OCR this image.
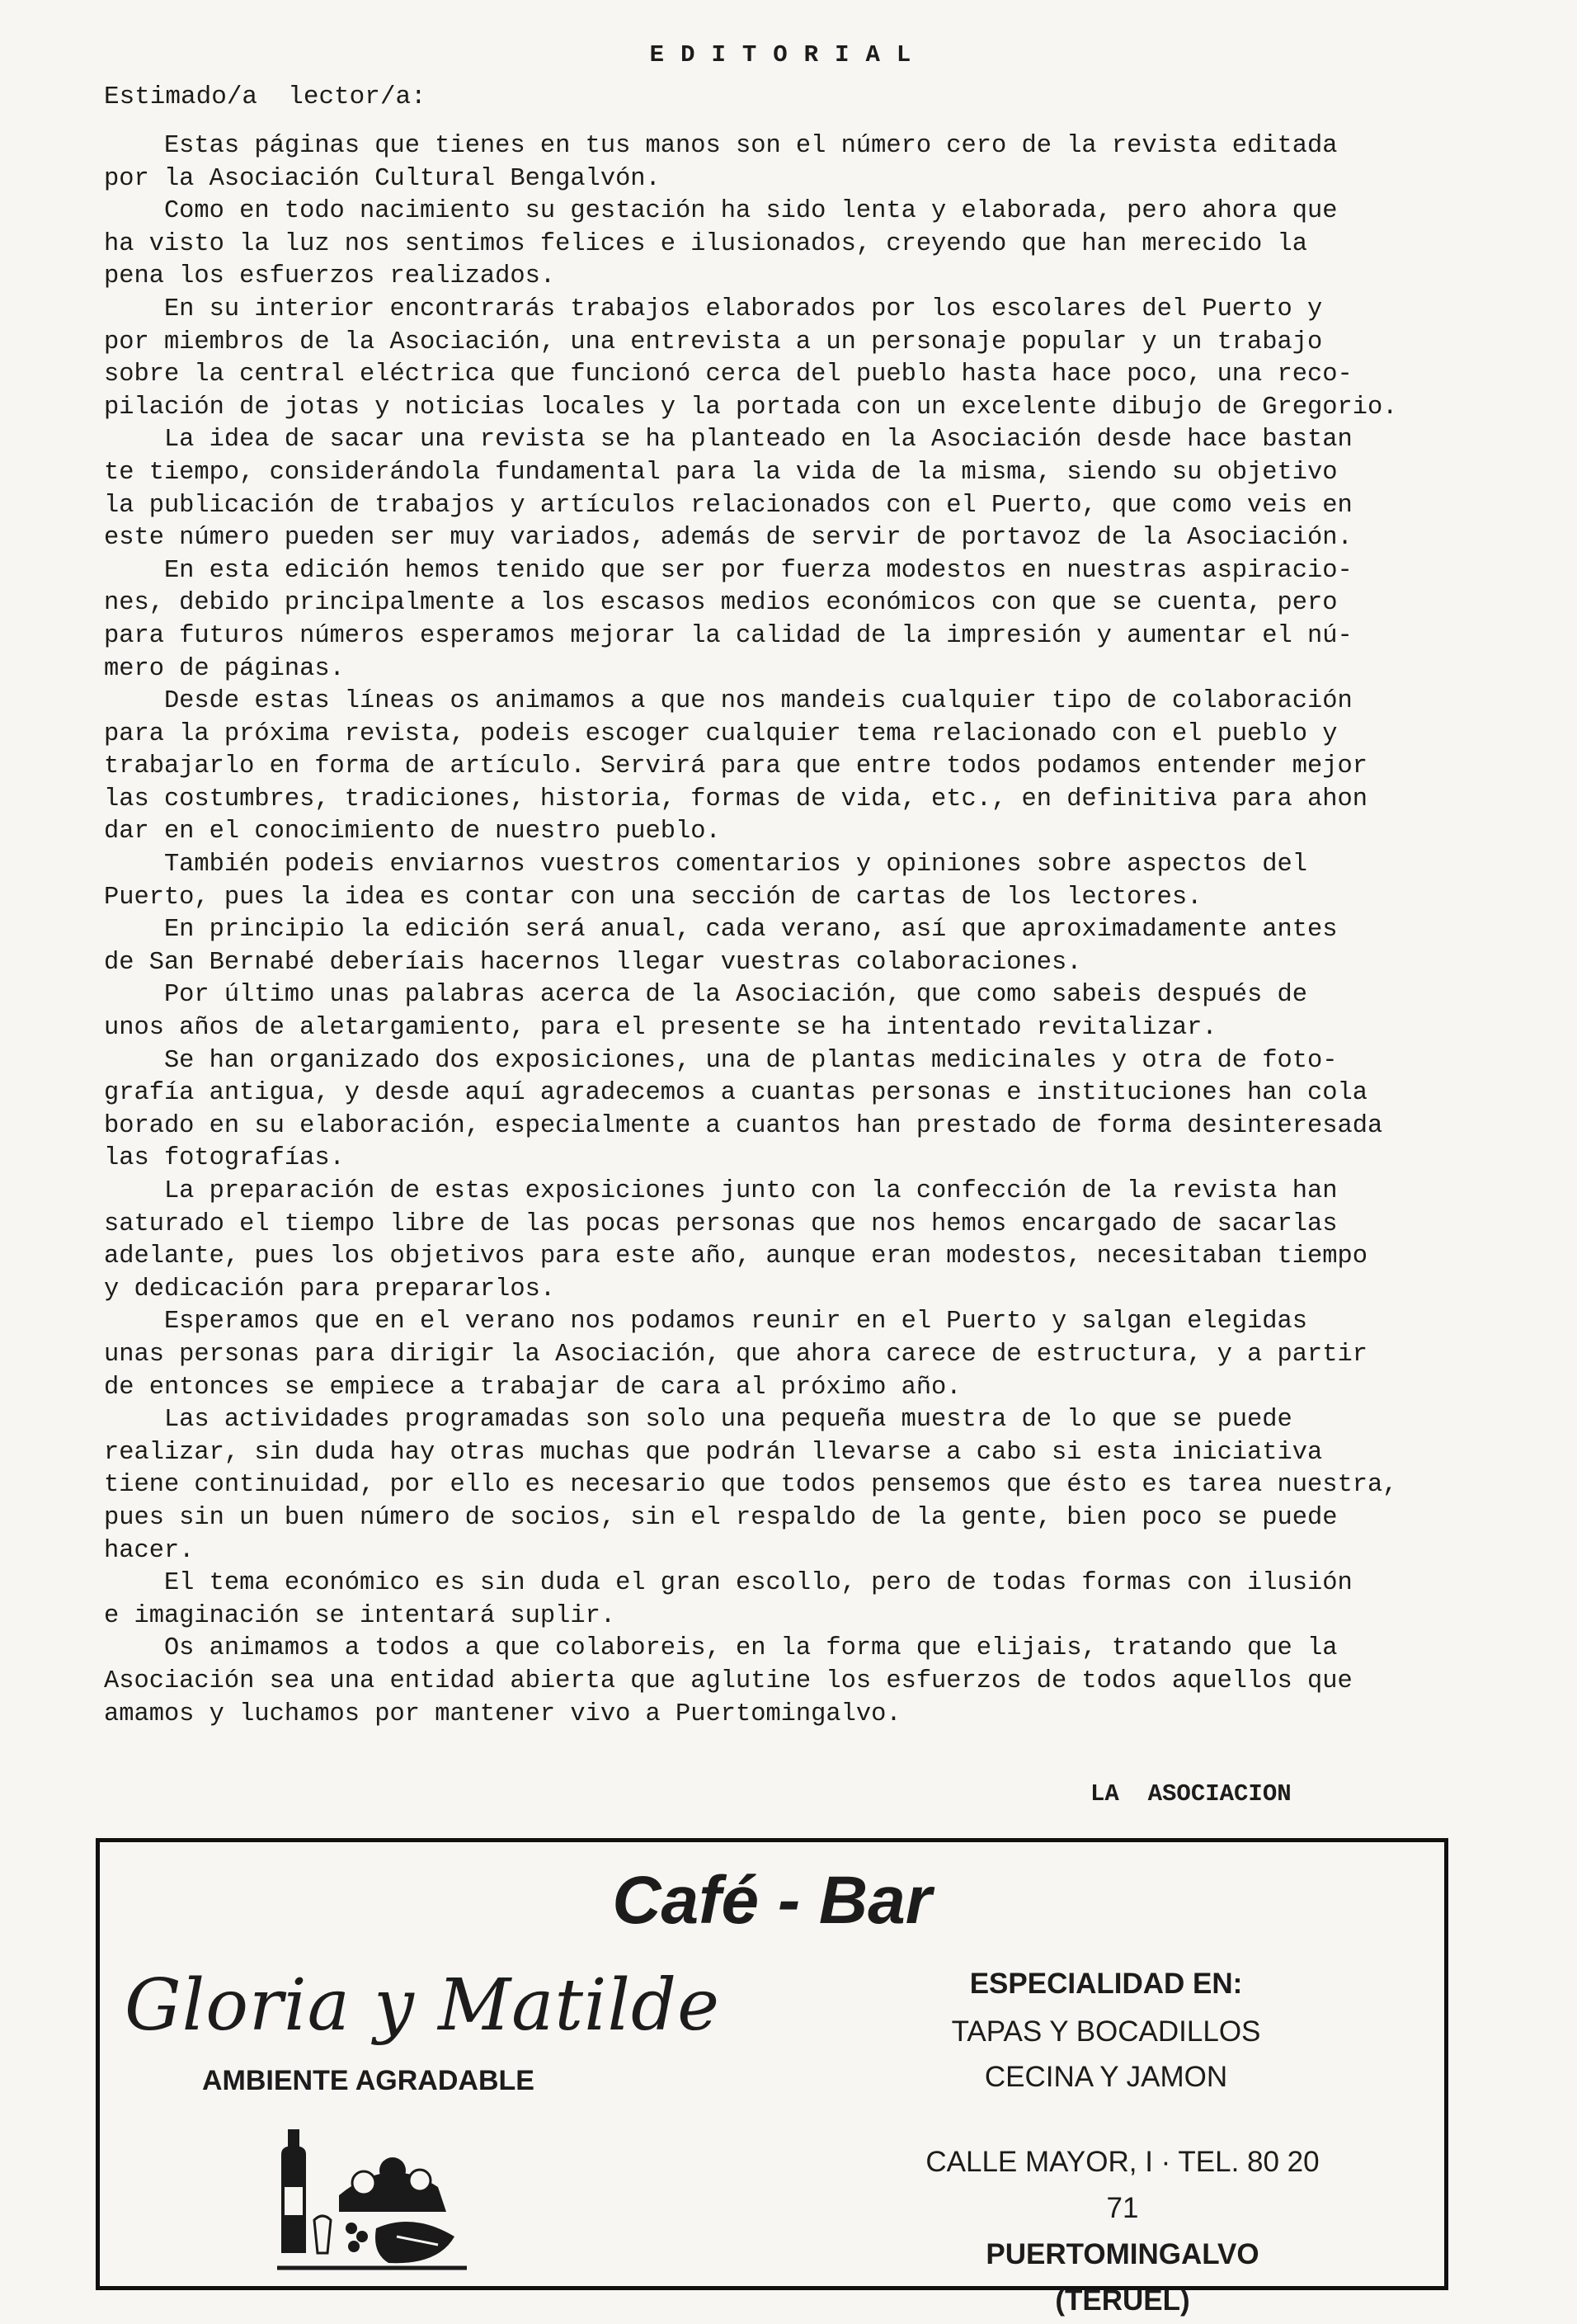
EDITORIAL
Estimado/a  lector/a:
Estas páginas que tienes en tus manos son el número cero de la revista editada
por la Asociación Cultural Bengalvón.
Como en todo nacimiento su gestación ha sido lenta y elaborada, pero ahora que
ha visto la luz nos sentimos felices e ilusionados, creyendo que han merecido la
pena los esfuerzos realizados.
En su interior encontrarás trabajos elaborados por los escolares del Puerto y
por miembros de la Asociación, una entrevista a un personaje popular y un trabajo
sobre la central eléctrica que funcionó cerca del pueblo hasta hace poco, una reco-
pilación de jotas y noticias locales y la portada con un excelente dibujo de Gregorio.
La idea de sacar una revista se ha planteado en la Asociación desde hace bastan
te tiempo, considerándola fundamental para la vida de la misma, siendo su objetivo
la publicación de trabajos y artículos relacionados con el Puerto, que como veis en
este número pueden ser muy variados, además de servir de portavoz de la Asociación.
En esta edición hemos tenido que ser por fuerza modestos en nuestras aspiracio-
nes, debido principalmente a los escasos medios económicos con que se cuenta, pero
para futuros números esperamos mejorar la calidad de la impresión y aumentar el nú-
mero de páginas.
Desde estas líneas os animamos a que nos mandeis cualquier tipo de colaboración
para la próxima revista, podeis escoger cualquier tema relacionado con el pueblo y
trabajarlo en forma de artículo. Servirá para que entre todos podamos entender mejor
las costumbres, tradiciones, historia, formas de vida, etc., en definitiva para ahon
dar en el conocimiento de nuestro pueblo.
También podeis enviarnos vuestros comentarios y opiniones sobre aspectos del
Puerto, pues la idea es contar con una sección de cartas de los lectores.
En principio la edición será anual, cada verano, así que aproximadamente antes
de San Bernabé deberíais hacernos llegar vuestras colaboraciones.
Por último unas palabras acerca de la Asociación, que como sabeis después de
unos años de aletargamiento, para el presente se ha intentado revitalizar.
Se han organizado dos exposiciones, una de plantas medicinales y otra de foto-
grafía antigua, y desde aquí agradecemos a cuantas personas e instituciones han cola
borado en su elaboración, especialmente a cuantos han prestado de forma desinteresada
las fotografías.
La preparación de estas exposiciones junto con la confección de la revista han
saturado el tiempo libre de las pocas personas que nos hemos encargado de sacarlas
adelante, pues los objetivos para este año, aunque eran modestos, necesitaban tiempo
y dedicación para prepararlos.
Esperamos que en el verano nos podamos reunir en el Puerto y salgan elegidas
unas personas para dirigir la Asociación, que ahora carece de estructura, y a partir
de entonces se empiece a trabajar de cara al próximo año.
Las actividades programadas son solo una pequeña muestra de lo que se puede
realizar, sin duda hay otras muchas que podrán llevarse a cabo si esta iniciativa
tiene continuidad, por ello es necesario que todos pensemos que ésto es tarea nuestra,
pues sin un buen número de socios, sin el respaldo de la gente, bien poco se puede
hacer.
El tema económico es sin duda el gran escollo, pero de todas formas con ilusión
e imaginación se intentará suplir.
Os animamos a todos a que colaboreis, en la forma que elijais, tratando que la
Asociación sea una entidad abierta que aglutine los esfuerzos de todos aquellos que
amamos y luchamos por mantener vivo a Puertomingalvo.
LA  ASOCIACION
Café - Bar
Gloria y Matilde
AMBIENTE AGRADABLE
ESPECIALIDAD EN:
TAPAS Y BOCADILLOS
CECINA Y JAMON
CALLE MAYOR, I · TEL. 80 20 71
PUERTOMINGALVO (TERUEL)
